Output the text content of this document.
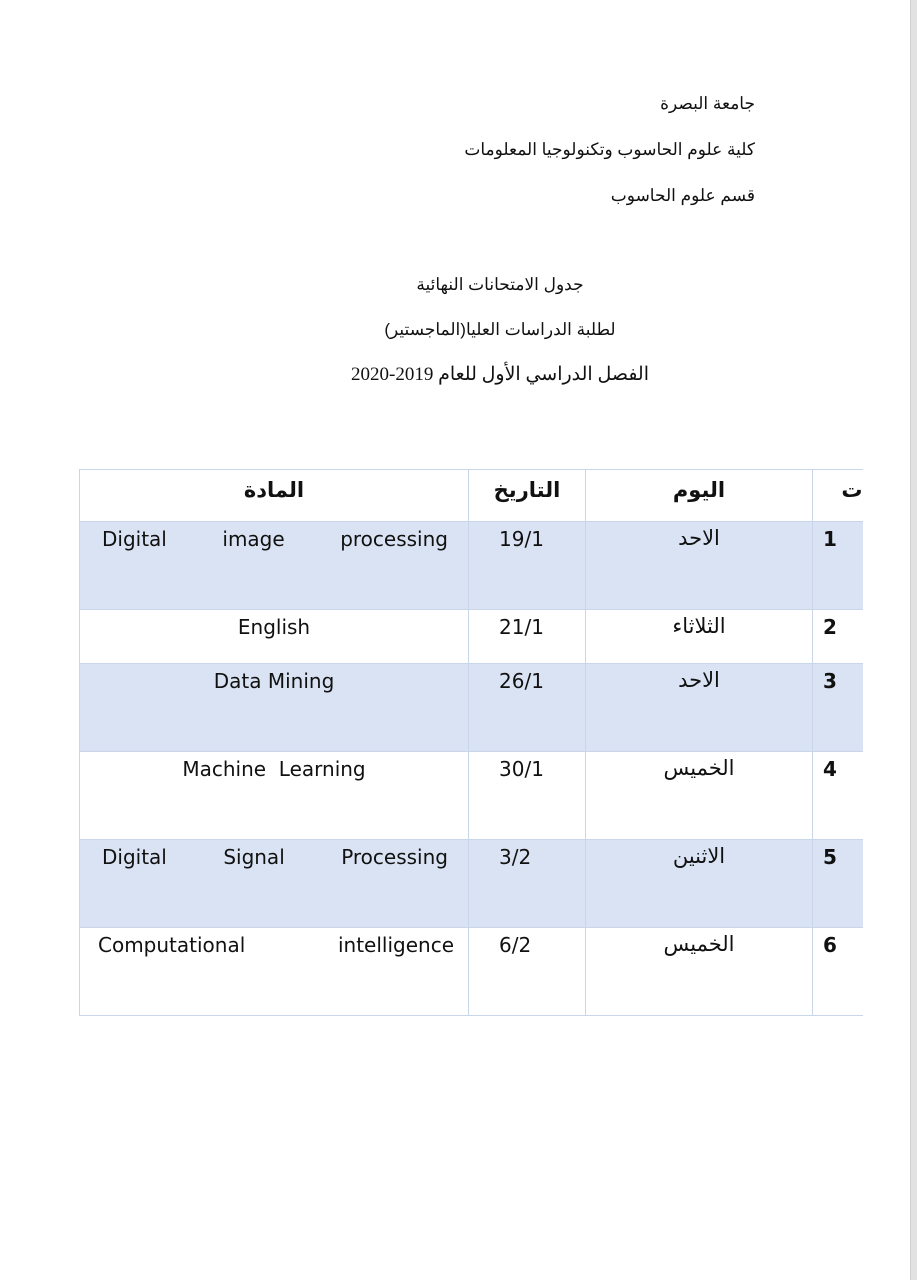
جامعة البصرة
كلية علوم الحاسوب وتكنولوجيا المعلومات
قسم علوم الحاسوب
جدول الامتحانات النهائية
لطلبة الدراسات العليا(الماجستير)
الفصل الدراسي الأول للعام 2019-2020
المادة	التاريخ	اليوم	ت

Digital image processing	19/1	الاحد	1

English	21/1	الثلاثاء	2

Data Mining	26/1	الاحد	3

Machine  Learning	30/1	الخميس	4

Digital Signal Processing	3/2	الاثنين	5

Computational intelligence	6/2	الخميس	6
